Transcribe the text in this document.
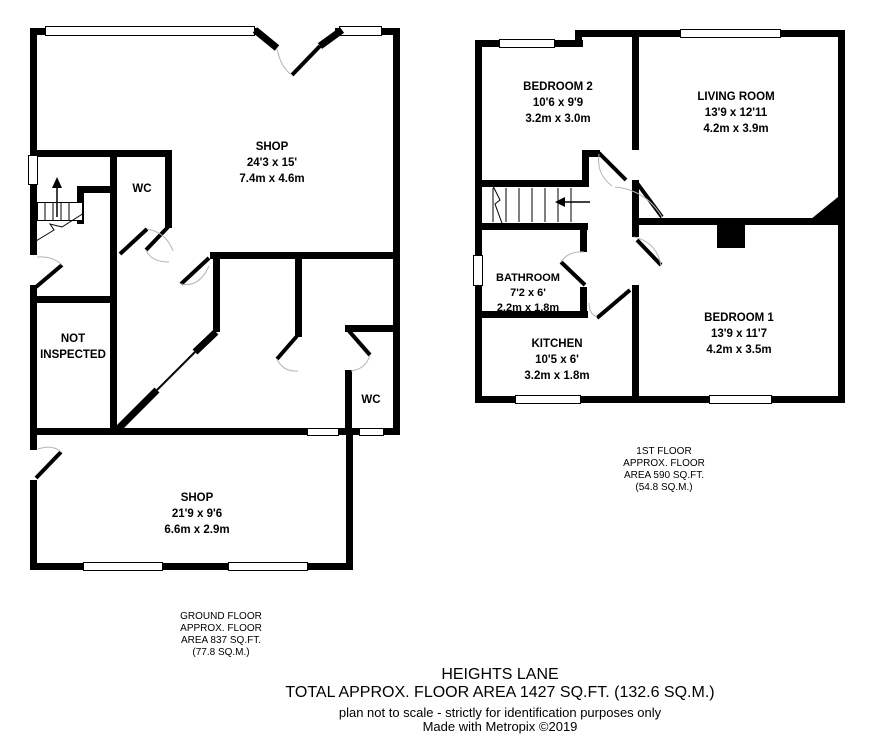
SHOP
24'3 x 15'
7.4m x 4.6m
WC
NOT
INSPECTED
WC
SHOP
21'9 x 9'6
6.6m x 2.9m
GROUND FLOOR
APPROX. FLOOR
AREA 837 SQ.FT.
(77.8 SQ.M.)
BEDROOM 2
10'6 x 9'9
3.2m x 3.0m
LIVING ROOM
13'9 x 12'11
4.2m x 3.9m
BATHROOM
7'2 x 6'
2.2m x 1.8m
KITCHEN
10'5 x 6'
3.2m x 1.8m
BEDROOM 1
13'9 x 11'7
4.2m x 3.5m
1ST FLOOR
APPROX. FLOOR
AREA 590 SQ.FT.
(54.8 SQ.M.)
HEIGHTS LANE
TOTAL APPROX. FLOOR AREA 1427 SQ.FT. (132.6 SQ.M.)
plan not to scale - strictly for identification purposes only
Made with Metropix ©2019
